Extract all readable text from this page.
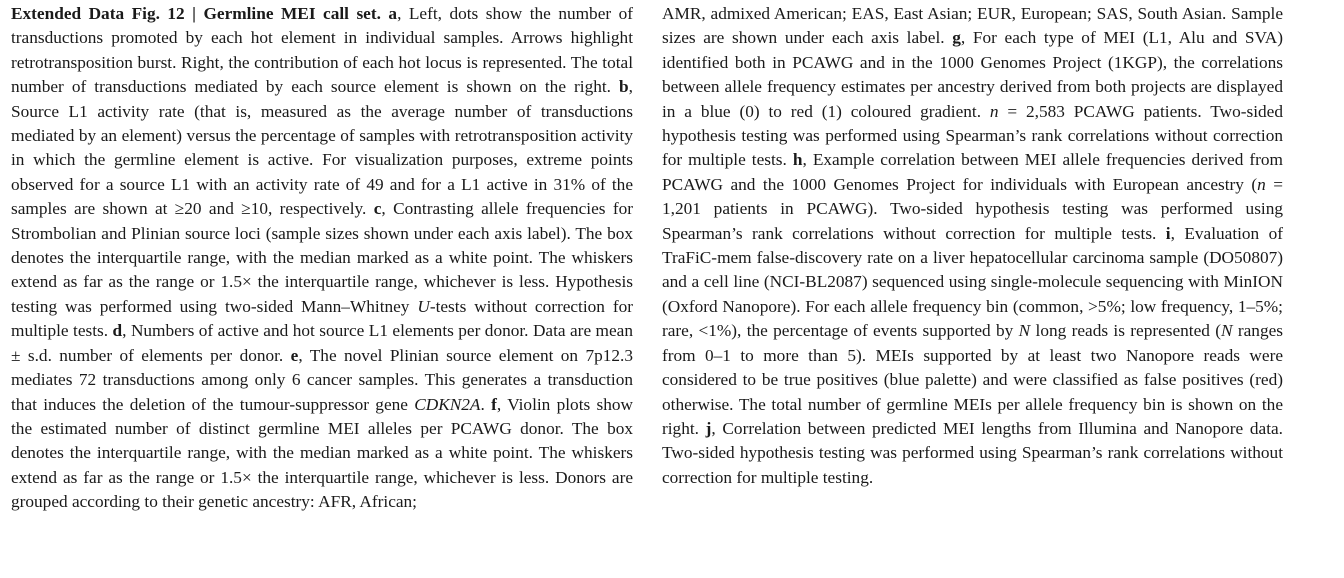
Extended Data Fig. 12 | Germline MEI call set. a, Left, dots show the number of transductions promoted by each hot element in individual samples. Arrows highlight retrotransposition burst. Right, the contribution of each hot locus is represented. The total number of transductions mediated by each source element is shown on the right. b, Source L1 activity rate (that is, measured as the average number of transductions mediated by an element) versus the percentage of samples with retrotransposition activity in which the germline element is active. For visualization purposes, extreme points observed for a source L1 with an activity rate of 49 and for a L1 active in 31% of the samples are shown at ≥20 and ≥10, respectively. c, Contrasting allele frequencies for Strombolian and Plinian source loci (sample sizes shown under each axis label). The box denotes the interquartile range, with the median marked as a white point. The whiskers extend as far as the range or 1.5× the interquartile range, whichever is less. Hypothesis testing was performed using two-sided Mann–Whitney U-tests without correction for multiple tests. d, Numbers of active and hot source L1 elements per donor. Data are mean ± s.d. number of elements per donor. e, The novel Plinian source element on 7p12.3 mediates 72 transductions among only 6 cancer samples. This generates a transduction that induces the deletion of the tumour-suppressor gene CDKN2A. f, Violin plots show the estimated number of distinct germline MEI alleles per PCAWG donor. The box denotes the interquartile range, with the median marked as a white point. The whiskers extend as far as the range or 1.5× the interquartile range, whichever is less. Donors are grouped according to their genetic ancestry: AFR, African;

AMR, admixed American; EAS, East Asian; EUR, European; SAS, South Asian. Sample sizes are shown under each axis label. g, For each type of MEI (L1, Alu and SVA) identified both in PCAWG and in the 1000 Genomes Project (1KGP), the correlations between allele frequency estimates per ancestry derived from both projects are displayed in a blue (0) to red (1) coloured gradient. n = 2,583 PCAWG patients. Two-sided hypothesis testing was performed using Spearman’s rank correlations without correction for multiple tests. h, Example correlation between MEI allele frequencies derived from PCAWG and the 1000 Genomes Project for individuals with European ancestry (n = 1,201 patients in PCAWG). Two-sided hypothesis testing was performed using Spearman’s rank correlations without correction for multiple tests. i, Evaluation of TraFiC-mem false-discovery rate on a liver hepatocellular carcinoma sample (DO50807) and a cell line (NCI-BL2087) sequenced using single-molecule sequencing with MinION (Oxford Nanopore). For each allele frequency bin (common, >5%; low frequency, 1–5%; rare, <1%), the percentage of events supported by N long reads is represented (N ranges from 0–1 to more than 5). MEIs supported by at least two Nanopore reads were considered to be true positives (blue palette) and were classified as false positives (red) otherwise. The total number of germline MEIs per allele frequency bin is shown on the right. j, Correlation between predicted MEI lengths from Illumina and Nanopore data. Two-sided hypothesis testing was performed using Spearman’s rank correlations without correction for multiple testing.
